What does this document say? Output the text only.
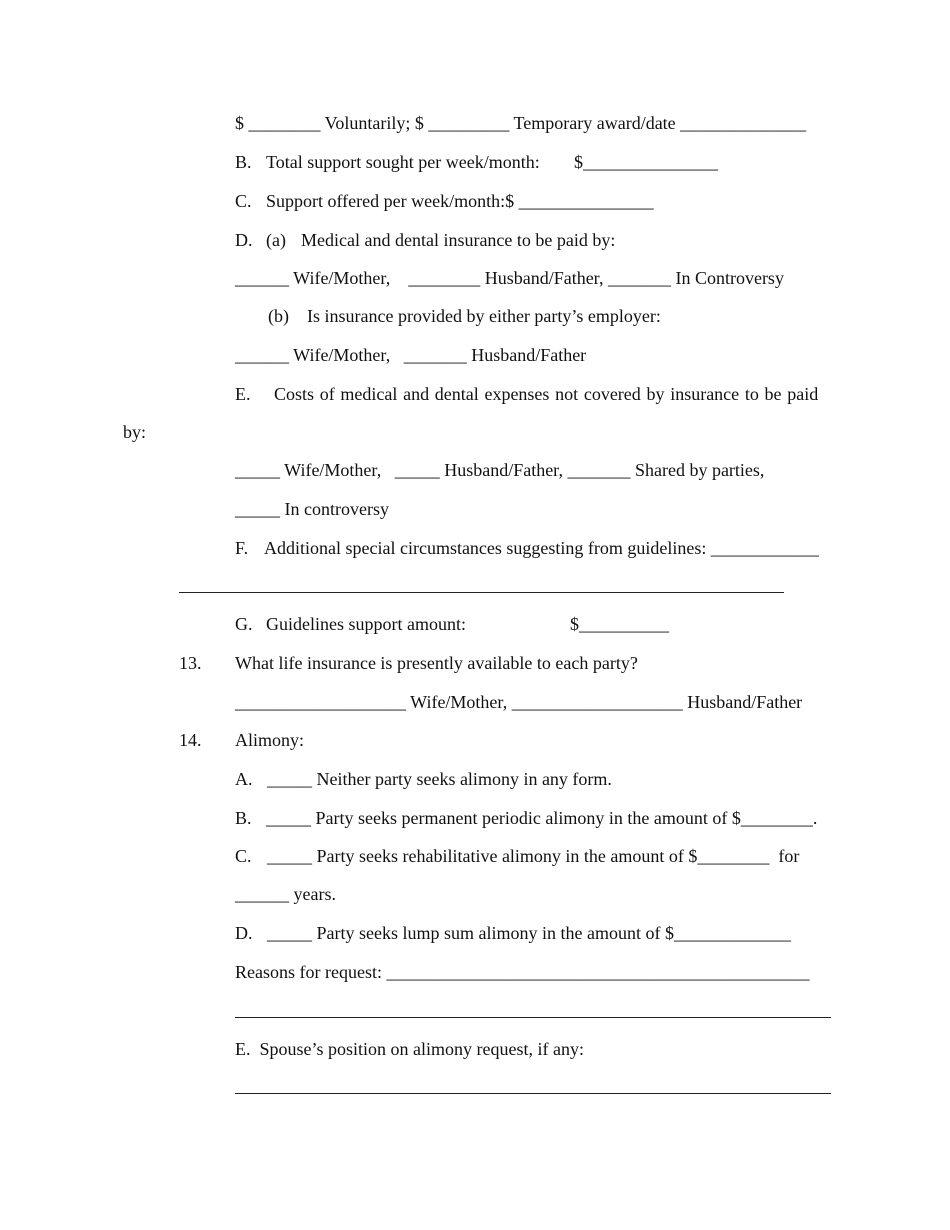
$ ________ Voluntarily; $ _________ Temporary award/date ______________
B. Total support sought per week/month: $_______________
C. Support offered per week/month:$ _______________
D. (a) Medical and dental insurance to be paid by:
______ Wife/Mother,    ________ Husband/Father, _______ In Controversy
(b) Is insurance provided by either party’s employer:
______ Wife/Mother,   _______ Husband/Father
E. Costs of medical and dental expenses not covered by insurance to be paid
by:
_____ Wife/Mother,   _____ Husband/Father, _______ Shared by parties,
_____ In controversy
F. Additional special circumstances suggesting from guidelines: ____________
G. Guidelines support amount:	$__________
13. What life insurance is presently available to each party?
___________________ Wife/Mother, ___________________ Husband/Father
14. Alimony:
A. _____ Neither party seeks alimony in any form.
B. _____ Party seeks permanent periodic alimony in the amount of $________.
C. _____ Party seeks rehabilitative alimony in the amount of $________  for
______ years.
D. _____ Party seeks lump sum alimony in the amount of $_____________
Reasons for request: _______________________________________________
E.  Spouse’s position on alimony request, if any:
